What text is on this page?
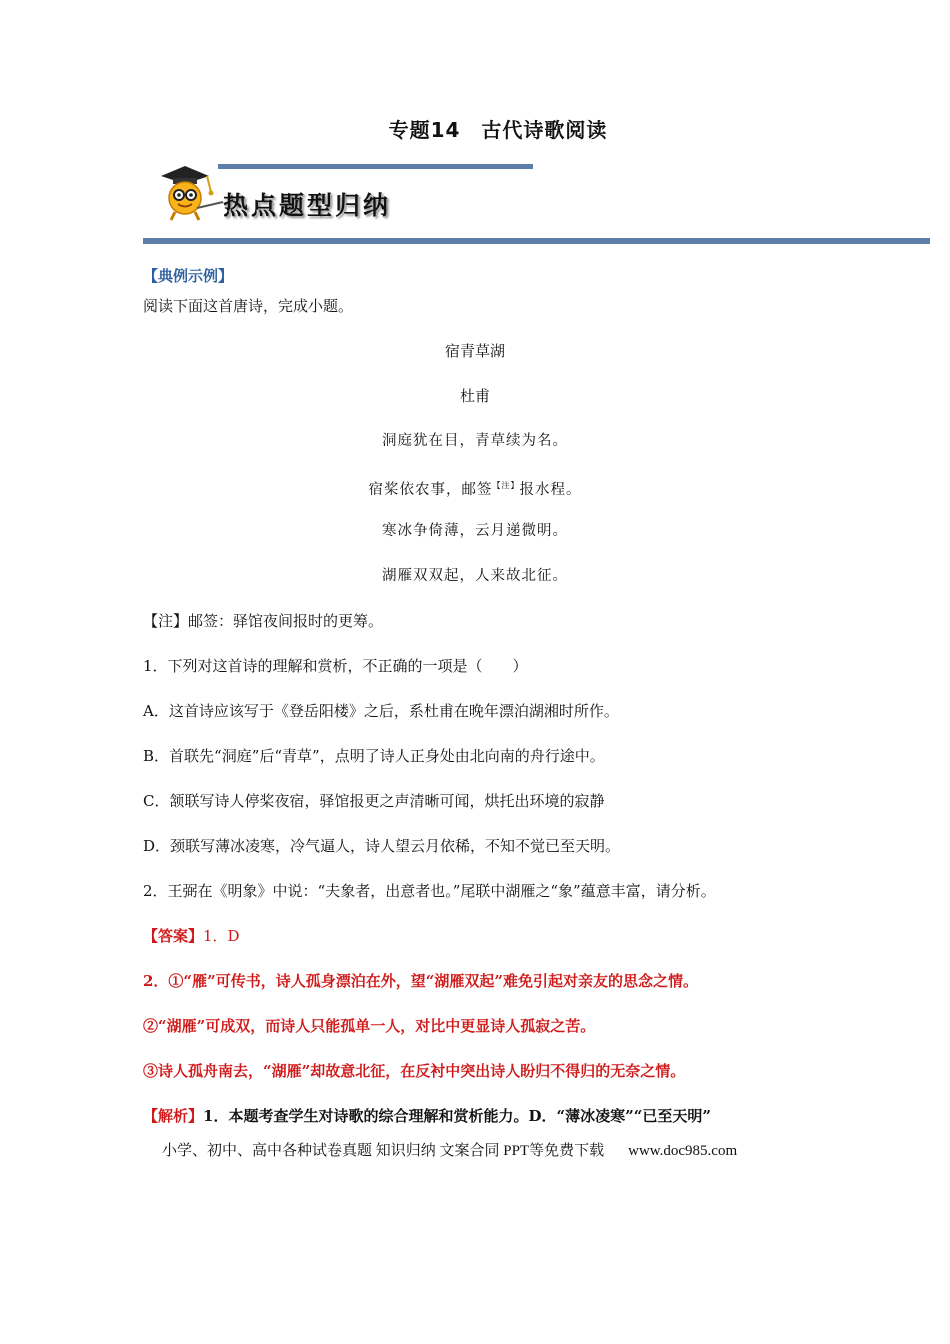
专题14　古代诗歌阅读
热点题型归纳
【典例示例】
阅读下面这首唐诗，完成小题。
宿青草湖
杜甫
洞庭犹在目，青草续为名。
宿桨依农事，邮签$^{【注】}$报水程。
寒冰争倚薄，云月递微明。
湖雁双双起，人来故北征。
【注】邮签：驿馆夜间报时的更筹。
1．下列对这首诗的理解和赏析，不正确的一项是（　　）
A．这首诗应该写于《登岳阳楼》之后，系杜甫在晚年漂泊湖湘时所作。
B．首联先“洞庭”后“青草”，点明了诗人正身处由北向南的舟行途中。
C．颔联写诗人停桨夜宿，驿馆报更之声清晰可闻，烘托出环境的寂静
D．颈联写薄冰凌寒，冷气逼人，诗人望云月依稀，不知不觉已至天明。
2．王弼在《明象》中说：“夫象者，出意者也。”尾联中湖雁之“象”蕴意丰富，请分析。
【答案】1．D
2．①“雁”可传书，诗人孤身漂泊在外，望“湖雁双起”难免引起对亲友的思念之情。
②“湖雁”可成双，而诗人只能孤单一人，对比中更显诗人孤寂之苦。
③诗人孤舟南去，“湖雁”却故意北征，在反衬中突出诗人盼归不得归的无奈之情。
【解析】1．本题考查学生对诗歌的综合理解和赏析能力。D．“薄冰凌寒”“已至天明”
小学、初中、高中各种试卷真题 知识归纳 文案合同 PPT等免费下载 www.doc985.com
